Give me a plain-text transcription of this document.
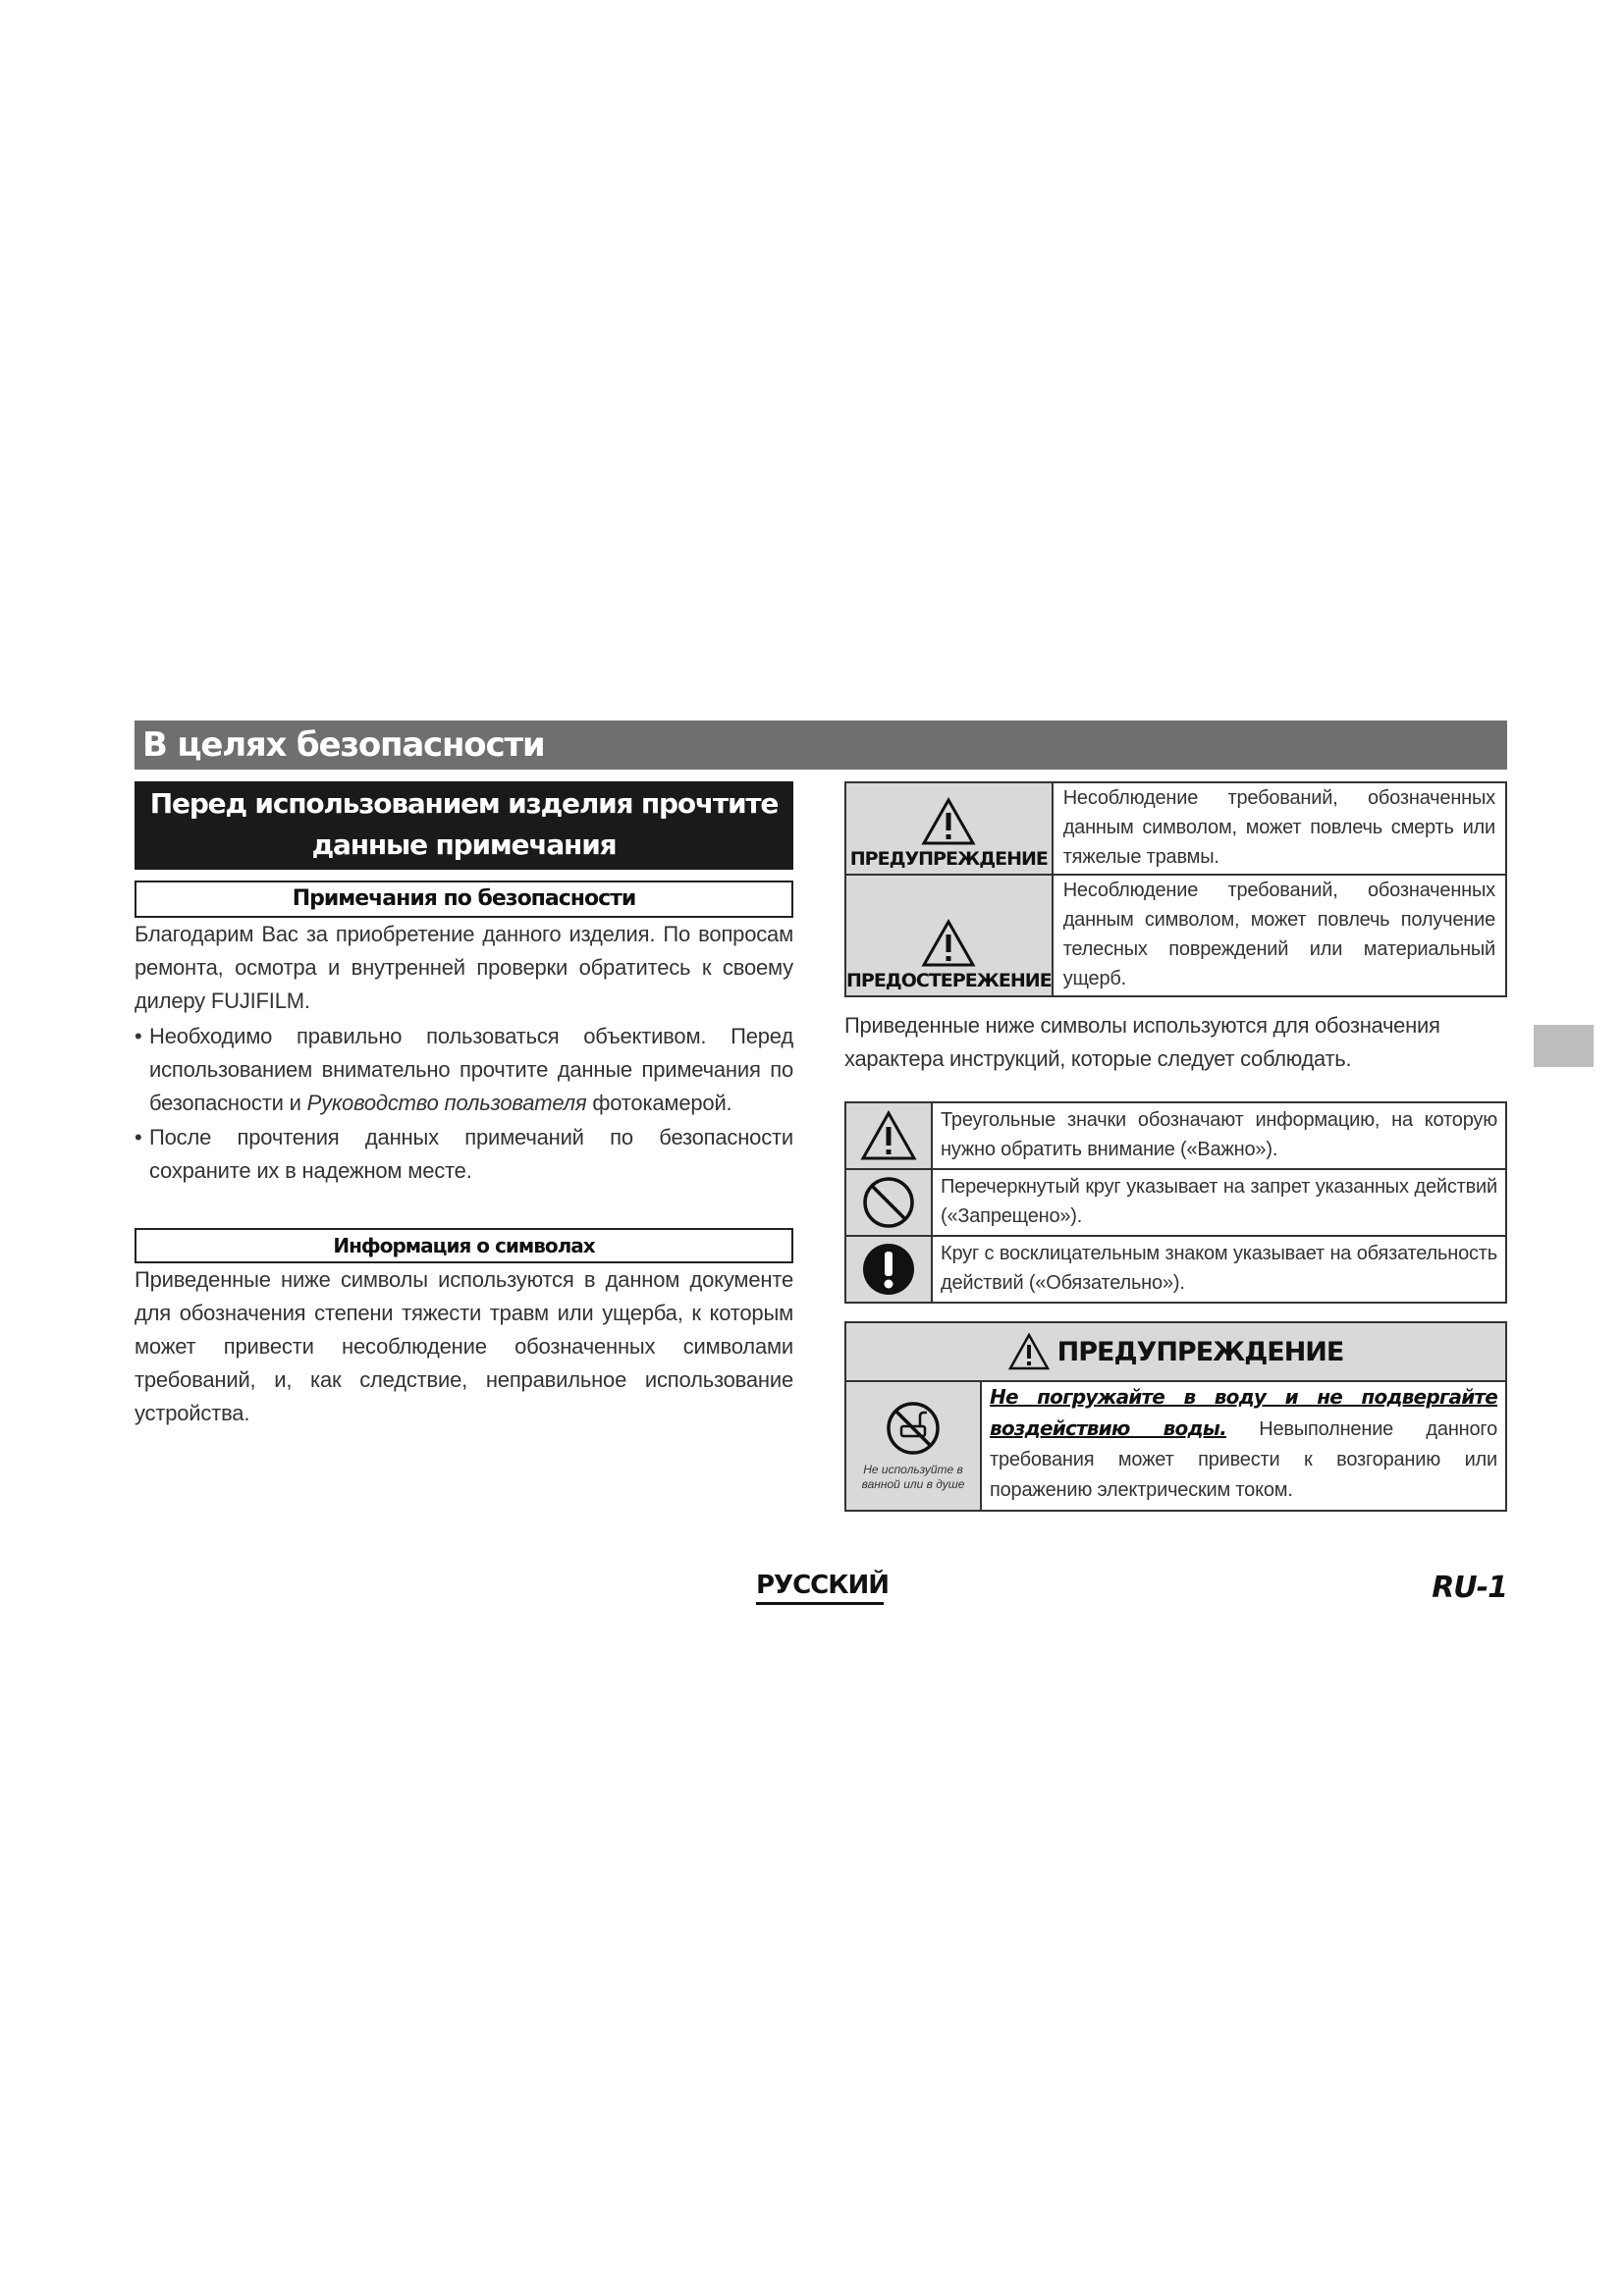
В целях безопасности
Перед использованием изделия прочтите данные примечания
Примечания по безопасности

Благодарим Вас за приобретение данного изделия. По вопросам ремонта, осмотра и внутренней проверки обратитесь к своему дилеру FUJIFILM.

• Необходимо правильно пользоваться объективом. Перед использованием внимательно прочтите данные примечания по безопасности и Руководство пользователя фотокамерой.
• После прочтения данных примечаний по безопасности сохраните их в надежном месте.
Информация о символах

Приведенные ниже символы используются в данном документе для обозначения степени тяжести травм или ущерба, к которым может привести несоблюдение обозначенных символами требований, и, как следствие, неправильное использование устройства.

ПРЕДУПРЕЖДЕНИЕ	Несоблюдение требований, обозначенных данным символом, может повлечь смерть или тяжелые травмы.

ПРЕДОСТЕРЕЖЕНИЕ	Несоблюдение требований, обозначенных данным символом, может повлечь получение телесных повреждений или материальный ущерб.
Приведенные ниже символы используются для обозначения характера инструкций, которые следует соблюдать.
	Треугольные значки обозначают информацию, на которую нужно обратить внимание («Важно»).

	Перечеркнутый круг указывает на запрет указанных действий («Запрещено»).

	Круг с восклицательным знаком указывает на обязательность действий («Обязательно»).
ПРЕДУПРЕЖДЕНИЕ
Не используйте в ванной или в душе
Не погружайте в воду и не подвергайте воздействию воды. Невыполнение данного требования может привести к возгоранию или поражению электрическим током.
РУССКИЙ	RU-1
